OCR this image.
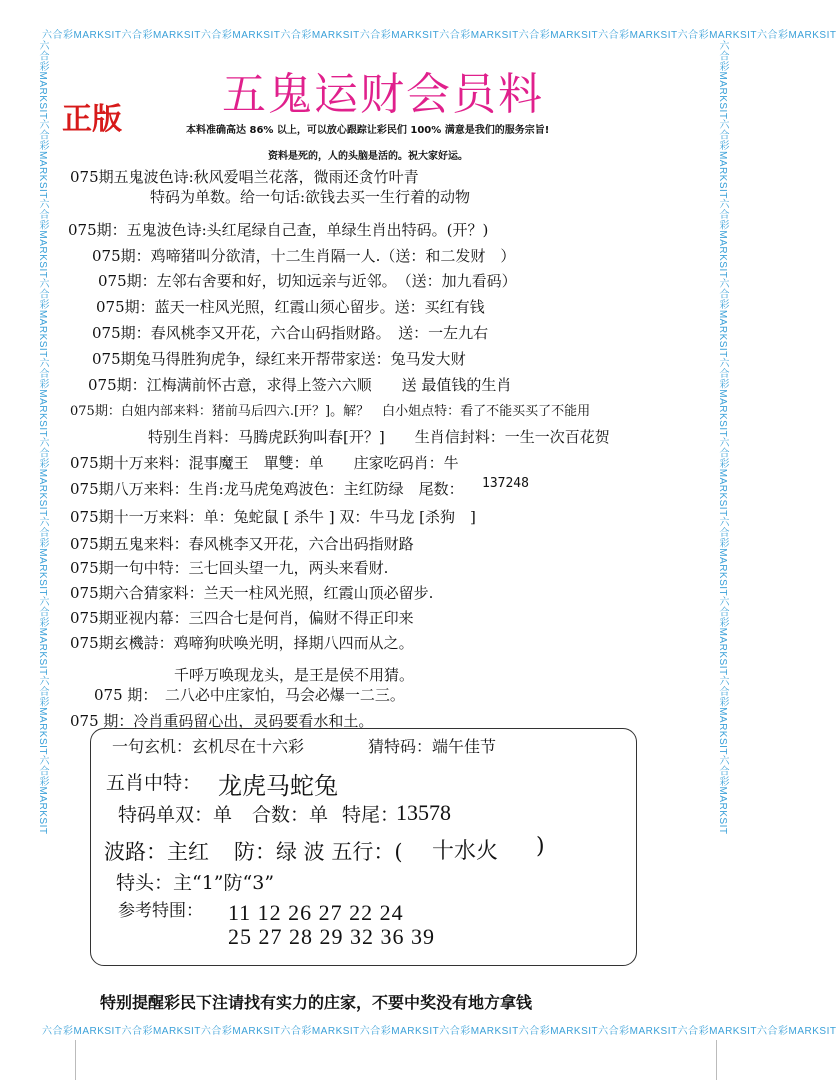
六合彩MARKSIT六合彩MARKSIT六合彩MARKSIT六合彩MARKSIT六合彩MARKSIT六合彩MARKSIT六合彩MARKSIT六合彩MARKSIT六合彩MARKSIT六合彩MARKSIT
六合彩MARKSIT六合彩MARKSIT六合彩MARKSIT六合彩MARKSIT六合彩MARKSIT六合彩MARKSIT六合彩MARKSIT六合彩MARKSIT六合彩MARKSIT六合彩MARKSIT
六合彩MARKSIT六合彩MARKSIT六合彩MARKSIT六合彩MARKSIT六合彩MARKSIT六合彩MARKSIT六合彩MARKSIT六合彩MARKSIT六合彩MARKSIT六合彩MARKSIT	六合彩MARKSIT六合彩MARKSIT六合彩MARKSIT六合彩MARKSIT六合彩MARKSIT六合彩MARKSIT六合彩MARKSIT六合彩MARKSIT六合彩MARKSIT六合彩MARKSIT
五鬼运财会员料
正版	本料准确高达 86% 以上，可以放心跟踪让彩民们 100% 满意是我们的服务宗旨!
资料是死的，人的头脑是活的。祝大家好运。
075期五鬼波色诗:秋风爱唱兰花落，微雨还贪竹叶青
特码为单数。给一句话:欲钱去买一生行着的动物
075期：五鬼波色诗:头红尾绿自己查，单绿生肖出特码。(开？)
075期：鸡啼猪叫分欲清，十二生肖隔一人.（送：和二发财　）
075期：左邻右舍要和好，切知远亲与近邻。　（送：加九看码）
075期：蓝天一柱风光照，红霞山须心留步。送：买红有钱
075期：春风桃李又开花，六合山码指财路。　送：一左九右
075期兔马得胜狗虎争，绿红来开帮带家送：兔马发大财
075期：江梅满前怀古意，求得上签六六顺　　送 最值钱的生肖
075期：白姐内部来料：猪前马后四六.[开？]。解？　白小姐点特：看了不能买买了不能用
特别生肖料：马腾虎跃狗叫春[开？]　　生肖信封料：一生一次百花贺
075期十万来料：混事魔王　單雙：单　　庄家吃码肖：牛
075期八万来料：生肖:龙马虎兔鸡波色：主红防绿　尾数： 137248
075期十一万来料：单：兔蛇鼠 [ 杀牛 ] 双：牛马龙 [杀狗　]
075期五鬼来料：春风桃李又开花，六合出码指财路
075期一句中特：三七回头望一九，两头来看财.
075期六合猜家料：兰天一柱风光照，红霞山顶必留步.
075期亚视内幕：三四合七是何肖，偏财不得正印来
075期玄機詩：鸡啼狗吠唤光明，择期八四而从之。
千呼万唤现龙头，是王是侯不用猜。
075 期：　二八必中庄家怕，马会必爆一二三。
075 期：冷肖重码留心出，灵码要看水和土。
一句玄机：玄机尽在十六彩	猜特码：端午佳节
五肖中特： 龙虎马蛇兔
特码单双：单 合数：单 特尾：
13578
波路：主红 防：绿 波 五行：( 十水火 )
特头：主“1”防“3”
参考特围： 11 12 26 27 22 24
25 27 28 29 32 36 39
特别提醒彩民下注请找有实力的庄家，不要中奖没有地方拿钱
